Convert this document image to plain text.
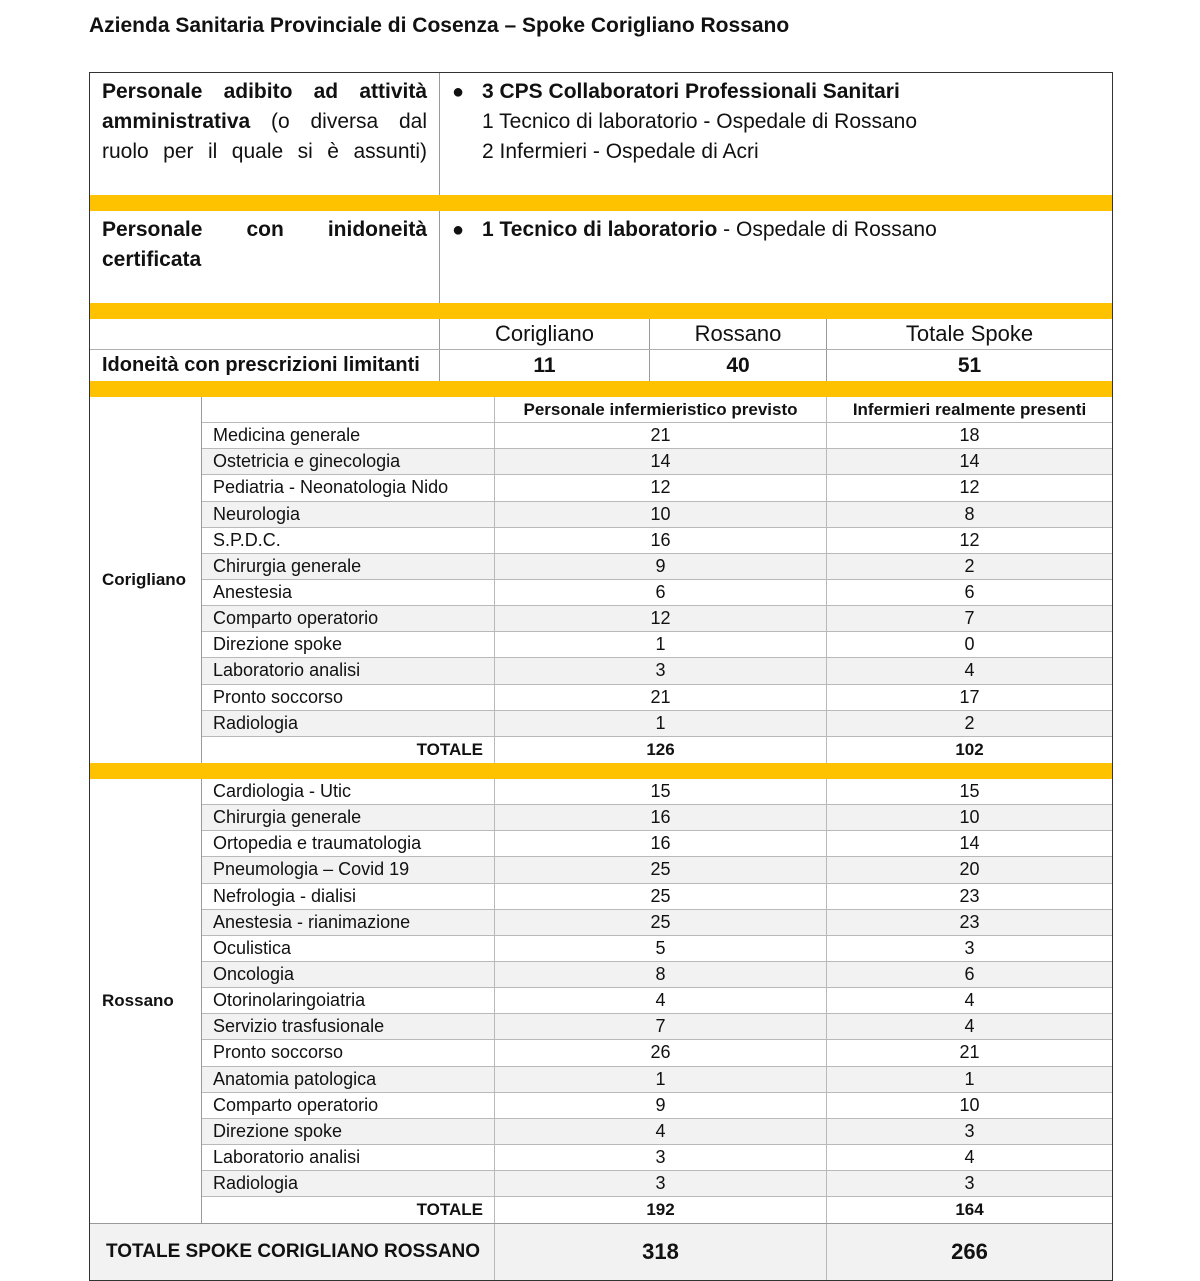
Azienda Sanitaria Provinciale di Cosenza – Spoke Corigliano Rossano
Personale adibito ad attività amministrativa (o diversa dal ruolo per il quale si è assunti)
● 3 CPS Collaboratori Professionali Sanitari
1 Tecnico di laboratorio - Ospedale di Rossano
2 Infermieri - Ospedale di Acri
Personale con inidoneità certificata
● 1 Tecnico di laboratorio - Ospedale di Rossano
Corigliano	Rossano	Totale Spoke
Idoneità con prescrizioni limitanti	11	40	51
Corigliano
Personale infermieristico previsto	Infermieri realmente presenti
Medicina generale	21	18
Ostetricia e ginecologia	14	14
Pediatria - Neonatologia Nido	12	12
Neurologia	10	8
S.P.D.C.	16	12
Chirurgia generale	9	2
Anestesia	6	6
Comparto operatorio	12	7
Direzione spoke	1	0
Laboratorio analisi	3	4
Pronto soccorso	21	17
Radiologia	1	2
TOTALE	126	102
Rossano
Cardiologia - Utic	15	15
Chirurgia generale	16	10
Ortopedia e traumatologia	16	14
Pneumologia – Covid 19	25	20
Nefrologia - dialisi	25	23
Anestesia - rianimazione	25	23
Oculistica	5	3
Oncologia	8	6
Otorinolaringoiatria	4	4
Servizio trasfusionale	7	4
Pronto soccorso	26	21
Anatomia patologica	1	1
Comparto operatorio	9	10
Direzione spoke	4	3
Laboratorio analisi	3	4
Radiologia	3	3
TOTALE	192	164
TOTALE SPOKE CORIGLIANO ROSSANO	318	266
